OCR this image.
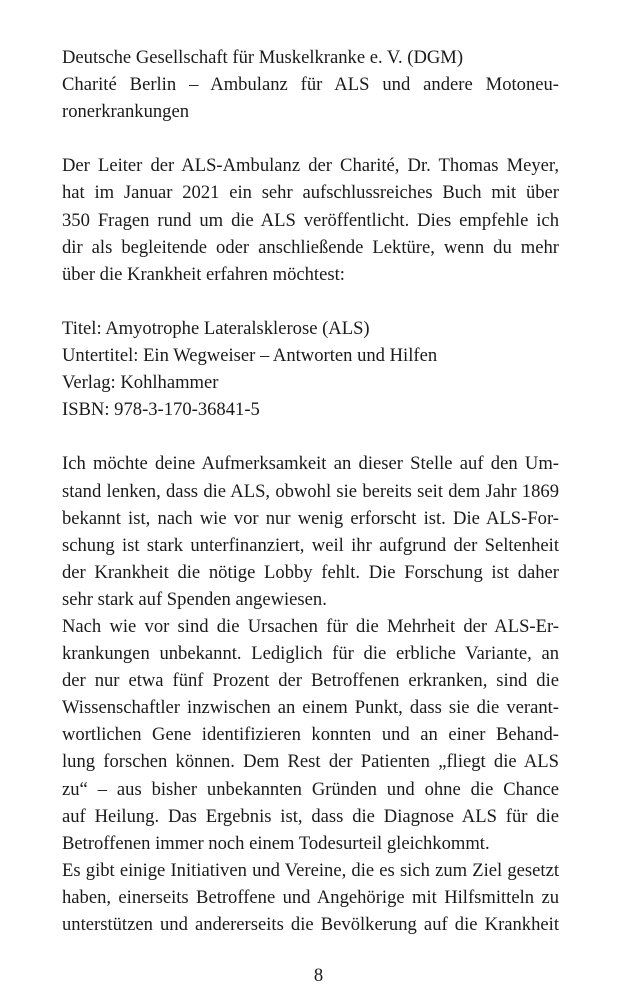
Deutsche Gesellschaft für Muskelkranke e. V. (DGM)
Charité Berlin – Ambulanz für ALS und andere Motoneu-
ronerkrankungen
Der Leiter der ALS-Ambulanz der Charité, Dr. Thomas Meyer,
hat im Januar 2021 ein sehr aufschlussreiches Buch mit über
350 Fragen rund um die ALS veröffentlicht. Dies empfehle ich
dir als begleitende oder anschließende Lektüre, wenn du mehr
über die Krankheit erfahren möchtest:
Titel: Amyotrophe Lateralsklerose (ALS)
Untertitel: Ein Wegweiser – Antworten und Hilfen
Verlag: Kohlhammer
ISBN: 978-3-170-36841-5
Ich möchte deine Aufmerksamkeit an dieser Stelle auf den Um-
stand lenken, dass die ALS, obwohl sie bereits seit dem Jahr 1869
bekannt ist, nach wie vor nur wenig erforscht ist. Die ALS-For-
schung ist stark unterfinanziert, weil ihr aufgrund der Seltenheit
der Krankheit die nötige Lobby fehlt. Die Forschung ist daher
sehr stark auf Spenden angewiesen.
Nach wie vor sind die Ursachen für die Mehrheit der ALS-Er-
krankungen unbekannt. Lediglich für die erbliche Variante, an
der nur etwa fünf Prozent der Betroffenen erkranken, sind die
Wissenschaftler inzwischen an einem Punkt, dass sie die verant-
wortlichen Gene identifizieren konnten und an einer Behand-
lung forschen können. Dem Rest der Patienten „fliegt die ALS
zu“ – aus bisher unbekannten Gründen und ohne die Chance
auf Heilung. Das Ergebnis ist, dass die Diagnose ALS für die
Betroffenen immer noch einem Todesurteil gleichkommt.
Es gibt einige Initiativen und Vereine, die es sich zum Ziel gesetzt
haben, einerseits Betroffene und Angehörige mit Hilfsmitteln zu
unterstützen und andererseits die Bevölkerung auf die Krankheit
8
